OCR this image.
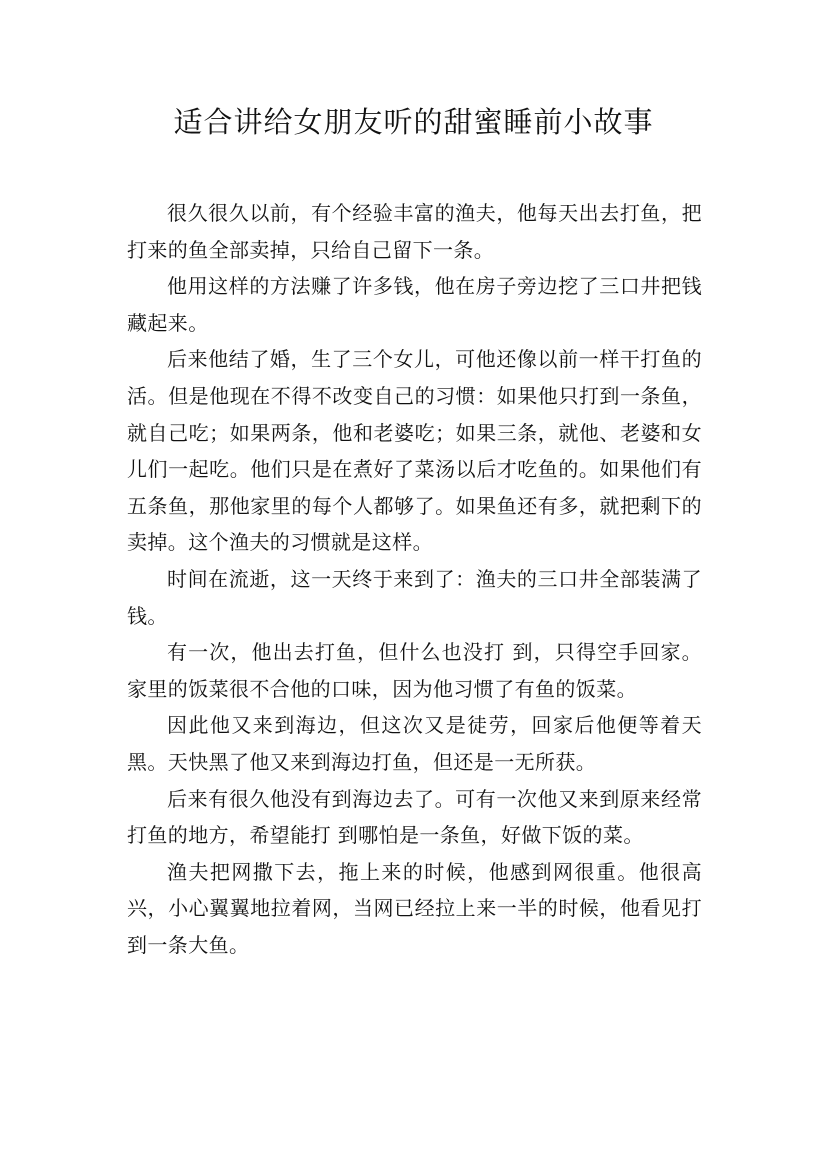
适合讲给女朋友听的甜蜜睡前小故事

很久很久以前，有个经验丰富的渔夫，他每天出去打鱼，把打来的鱼全部卖掉，只给自己留下一条。

他用这样的方法赚了许多钱，他在房子旁边挖了三口井把钱藏起来。

后来他结了婚，生了三个女儿，可他还像以前一样干打鱼的活。但是他现在不得不改变自己的习惯：如果他只打到一条鱼，就自己吃；如果两条，他和老婆吃；如果三条，就他、老婆和女儿们一起吃。他们只是在煮好了菜汤以后才吃鱼的。如果他们有五条鱼，那他家里的每个人都够了。如果鱼还有多，就把剩下的卖掉。这个渔夫的习惯就是这样。

时间在流逝，这一天终于来到了：渔夫的三口井全部装满了钱。

有一次，他出去打鱼，但什么也没打 到，只得空手回家。家里的饭菜很不合他的口味，因为他习惯了有鱼的饭菜。

因此他又来到海边，但这次又是徒劳，回家后他便等着天黑。天快黑了他又来到海边打鱼，但还是一无所获。

后来有很久他没有到海边去了。可有一次他又来到原来经常打鱼的地方，希望能打 到哪怕是一条鱼，好做下饭的菜。

渔夫把网撒下去，拖上来的时候，他感到网很重。他很高兴，小心翼翼地拉着网，当网已经拉上来一半的时候，他看见打 到一条大鱼。
